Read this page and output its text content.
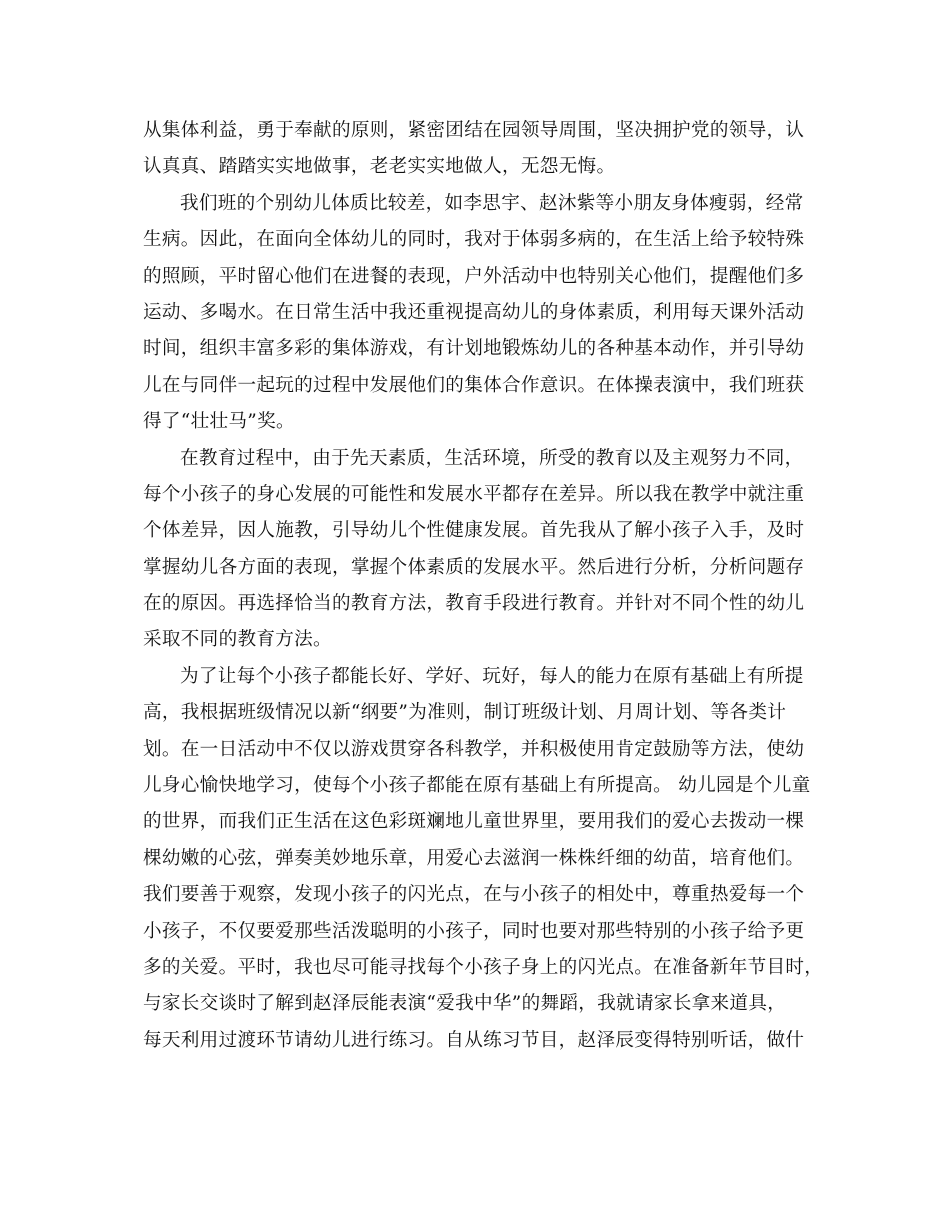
从集体利益，勇于奉献的原则，紧密团结在园领导周围，坚决拥护党的领导，认
认真真、踏踏实实地做事，老老实实地做人，无怨无悔。
我们班的个别幼儿体质比较差，如李思宇、赵沐紫等小朋友身体瘦弱，经常
生病。因此，在面向全体幼儿的同时，我对于体弱多病的，在生活上给予较特殊
的照顾，平时留心他们在进餐的表现，户外活动中也特别关心他们，提醒他们多
运动、多喝水。在日常生活中我还重视提高幼儿的身体素质，利用每天课外活动
时间，组织丰富多彩的集体游戏，有计划地锻炼幼儿的各种基本动作，并引导幼
儿在与同伴一起玩的过程中发展他们的集体合作意识。在体操表演中，我们班获
得了“壮壮马”奖。
在教育过程中，由于先天素质，生活环境，所受的教育以及主观努力不同，
每个小孩子的身心发展的可能性和发展水平都存在差异。所以我在教学中就注重
个体差异，因人施教，引导幼儿个性健康发展。首先我从了解小孩子入手，及时
掌握幼儿各方面的表现，掌握个体素质的发展水平。然后进行分析，分析问题存
在的原因。再选择恰当的教育方法，教育手段进行教育。并针对不同个性的幼儿
采取不同的教育方法。
为了让每个小孩子都能长好、学好、玩好，每人的能力在原有基础上有所提
高，我根据班级情况以新“纲要”为准则，制订班级计划、月周计划、等各类计
划。在一日活动中不仅以游戏贯穿各科教学，并积极使用肯定鼓励等方法，使幼
儿身心愉快地学习，使每个小孩子都能在原有基础上有所提高。 幼儿园是个儿童
的世界，而我们正生活在这色彩斑斓地儿童世界里，要用我们的爱心去拨动一棵
棵幼嫩的心弦，弹奏美妙地乐章，用爱心去滋润一株株纤细的幼苗，培育他们。
我们要善于观察，发现小孩子的闪光点，在与小孩子的相处中，尊重热爱每一个
小孩子，不仅要爱那些活泼聪明的小孩子，同时也要对那些特别的小孩子给予更
多的关爱。平时，我也尽可能寻找每个小孩子身上的闪光点。在准备新年节目时，
与家长交谈时了解到赵泽辰能表演“爱我中华”的舞蹈，我就请家长拿来道具，
每天利用过渡环节请幼儿进行练习。自从练习节目，赵泽辰变得特别听话，做什
